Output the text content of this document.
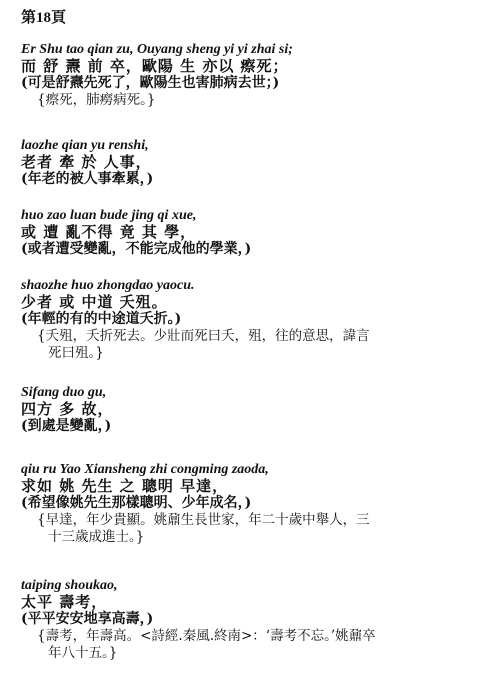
第18頁
Er Shu tao qian zu, Ouyang sheng yi yi zhai si;
而 舒 燾 前 卒，歐陽 生 亦以 瘵死；
(可是舒燾先死了，歐陽生也害肺病去世；)
{瘵死，肺癆病死。}
laozhe qian yu renshi,
老者 牽 於 人事，
(年老的被人事牽累，)
huo zao luan bude jing qi xue,
或 遭 亂不得 竟 其 學，
(或者遭受變亂，不能完成他的學業，)
shaozhe huo zhongdao yaocu.
少者 或 中道 夭殂。
(年輕的有的中途道夭折。)
{夭殂，夭折死去。少壯而死曰夭，殂，往的意思，諱言
死曰殂。}
Sifang duo gu,
四方 多 故，
(到處是變亂，)
qiu ru Yao Xiansheng zhi congming zaoda,
求如 姚 先生 之 聰明 早達，
(希望像姚先生那樣聰明、少年成名，)
{早達，年少貴顯。姚鼐生長世家，年二十歲中舉人，三
十三歲成進士。}
taiping shoukao,
太平 壽考，
(平平安安地享高壽，)
{壽考，年壽高。<詩經.秦風.終南>：‘壽考不忘。’姚鼐卒
年八十五。}
